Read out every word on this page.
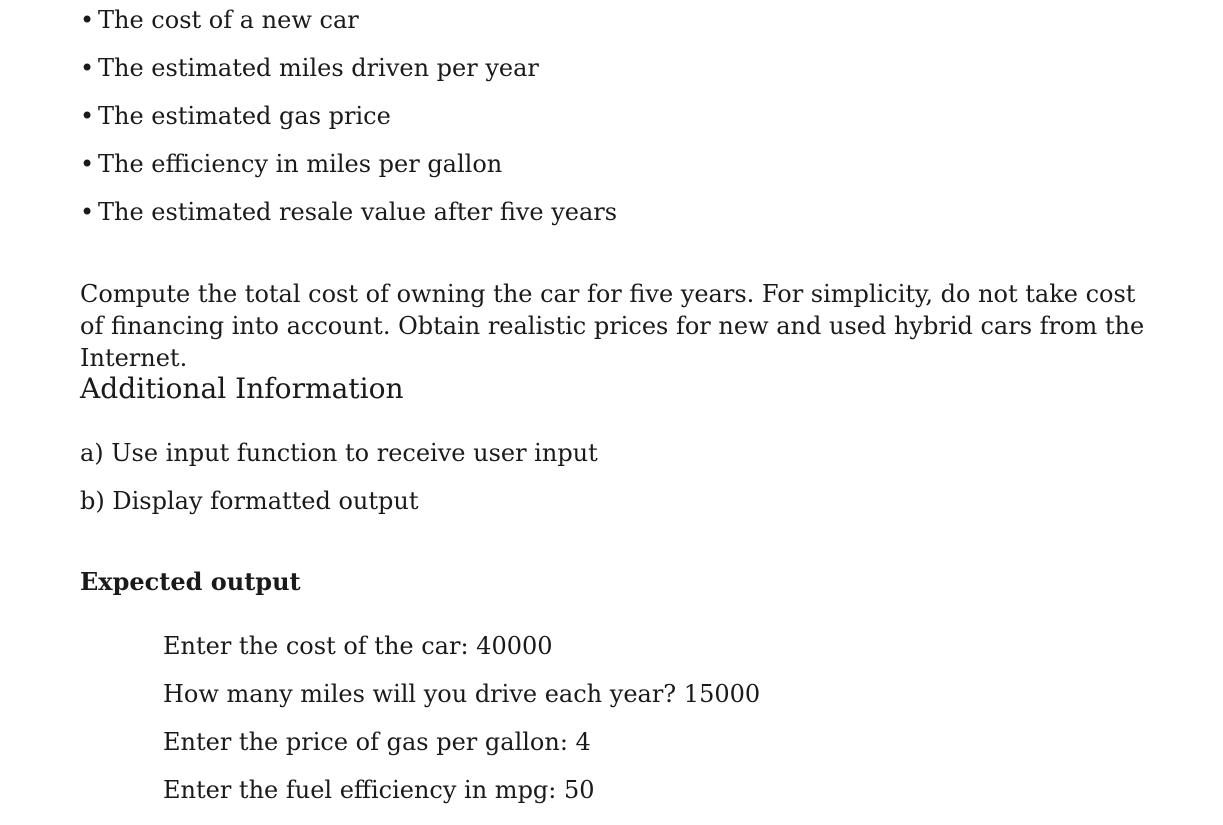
• The cost of a new car
• The estimated miles driven per year
• The estimated gas price
• The efficiency in miles per gallon
• The estimated resale value after five years

Compute the total cost of owning the car for five years. For simplicity, do not take cost of financing into account. Obtain realistic prices for new and used hybrid cars from the Internet.

Additional Information
a) Use input function to receive user input
b) Display formatted output
Expected output
Enter the cost of the car: 40000
How many miles will you drive each year? 15000
Enter the price of gas per gallon: 4
Enter the fuel efficiency in mpg: 50
